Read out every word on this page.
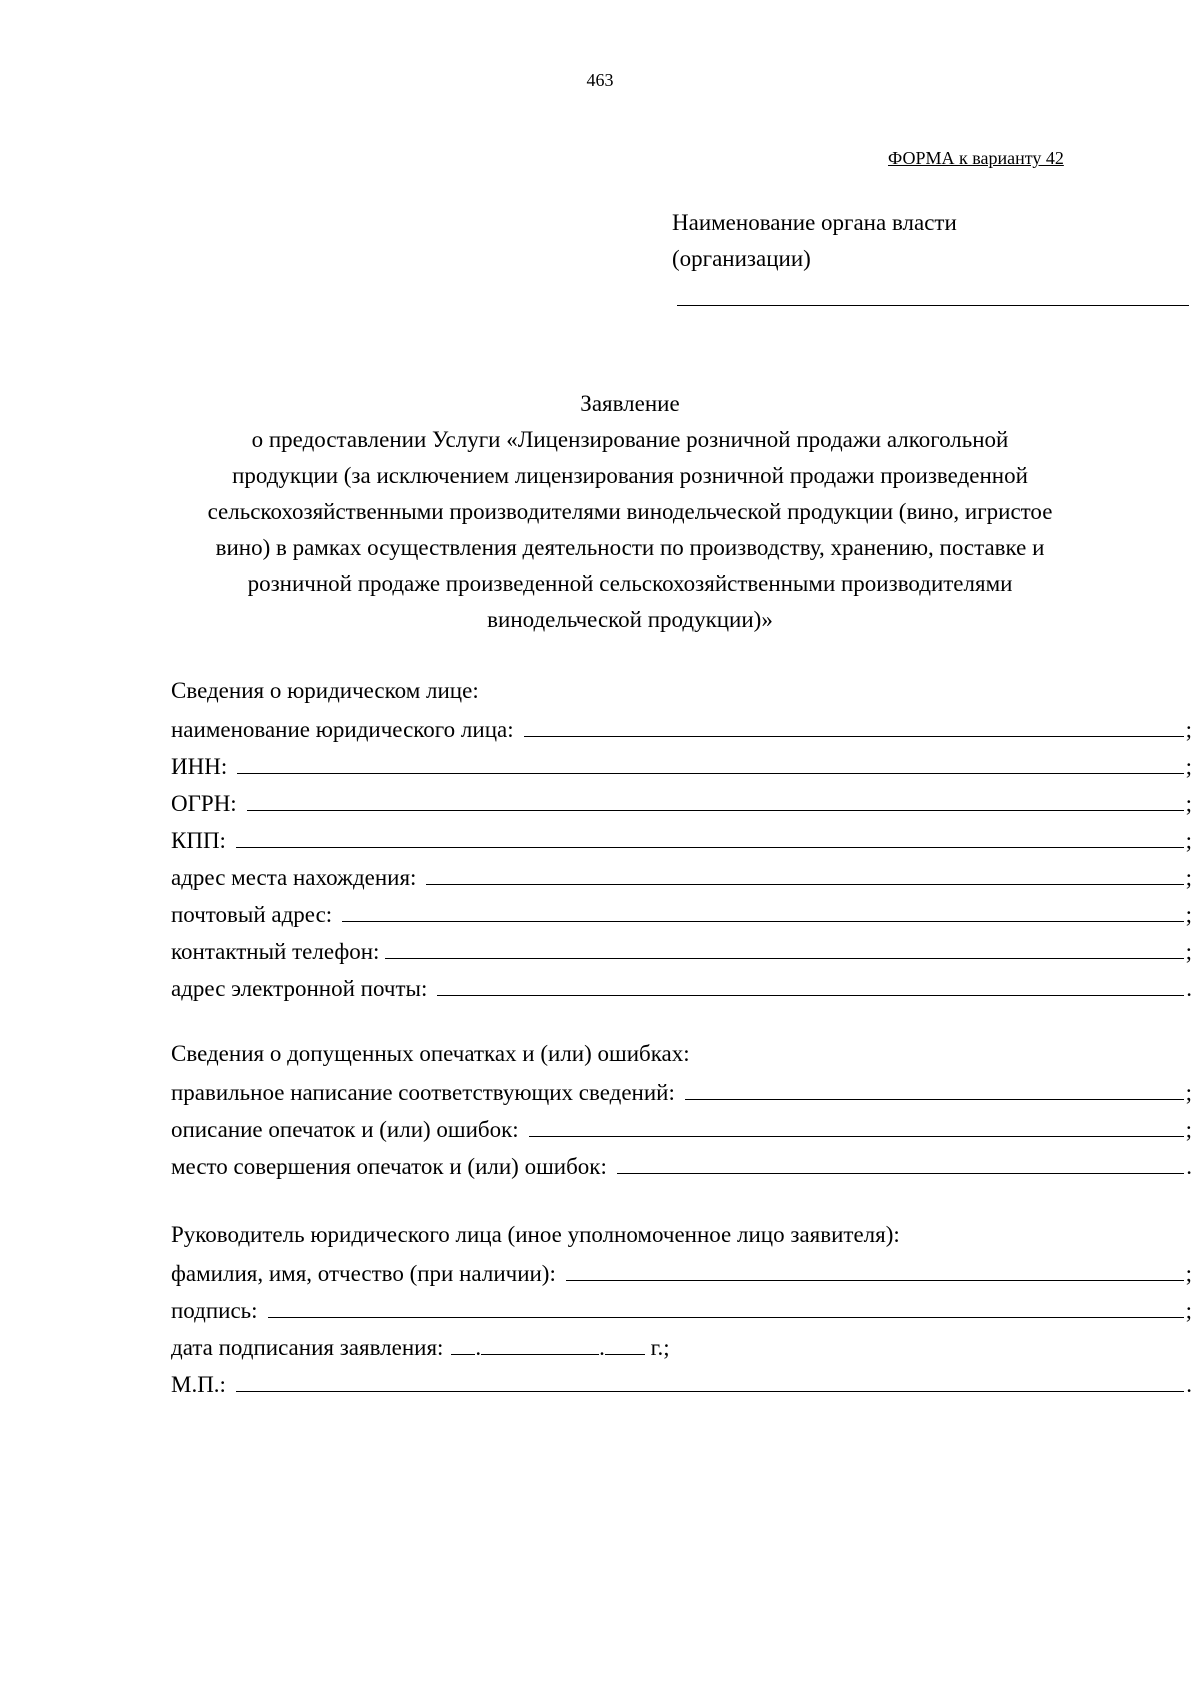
463
ФОРМА к варианту 42
Наименование органа власти
(организации)
Заявление
о предоставлении Услуги «Лицензирование розничной продажи алкогольной
продукции (за исключением лицензирования розничной продажи произведенной
сельскохозяйственными производителями винодельческой продукции (вино, игристое
вино) в рамках осуществления деятельности по производству, хранению, поставке и
розничной продаже произведенной сельскохозяйственными производителями
винодельческой продукции)»
Сведения о юридическом лице:
наименование юридического лица:	;
ИНН:	;
ОГРН:	;
КПП:	;
адрес места нахождения:	;
почтовый адрес:	;
контактный телефон:	;
адрес электронной почты:	.
Сведения о допущенных опечатках и (или) ошибках:
правильное написание соответствующих сведений:	;
описание опечаток и (или) ошибок:	;
место совершения опечаток и (или) ошибок:	.
Руководитель юридического лица (иное уполномоченное лицо заявителя):
фамилия, имя, отчество (при наличии):	;
подпись:	;
дата подписания заявления: .	. г.;
М.П.:	.
